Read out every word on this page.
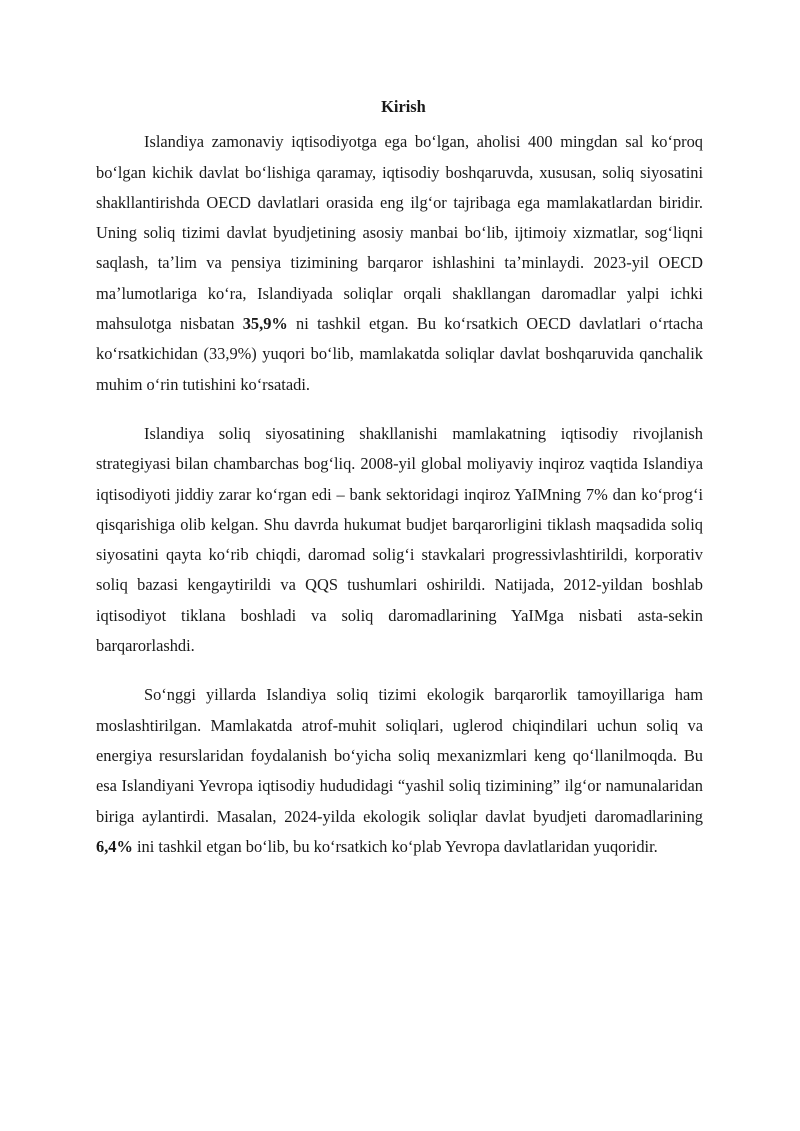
Kirish

Islandiya zamonaviy iqtisodiyotga ega boʻlgan, aholisi 400 mingdan sal koʻproq boʻlgan kichik davlat boʻlishiga qaramay, iqtisodiy boshqaruvda, xususan, soliq siyosatini shakllantirishda OECD davlatlari orasida eng ilgʻor tajribaga ega mamlakatlardan biridir. Uning soliq tizimi davlat byudjetining asosiy manbai boʻlib, ijtimoiy xizmatlar, sogʻliqni saqlash, taʼlim va pensiya tizimining barqaror ishlashini taʼminlaydi. 2023-yil OECD maʼlumotlariga koʻra, Islandiyada soliqlar orqali shakllangan daromadlar yalpi ichki mahsulotga nisbatan 35,9% ni tashkil etgan. Bu koʻrsatkich OECD davlatlari oʻrtacha koʻrsatkichidan (33,9%) yuqori boʻlib, mamlakatda soliqlar davlat boshqaruvida qanchalik muhim oʻrin tutishini koʻrsatadi.

Islandiya soliq siyosatining shakllanishi mamlakatning iqtisodiy rivojlanish strategiyasi bilan chambarchas bogʻliq. 2008-yil global moliyaviy inqiroz vaqtida Islandiya iqtisodiyoti jiddiy zarar koʻrgan edi – bank sektoridagi inqiroz YaIMning 7% dan koʻprogʻi qisqarishiga olib kelgan. Shu davrda hukumat budjet barqarorligini tiklash maqsadida soliq siyosatini qayta koʻrib chiqdi, daromad soligʻi stavkalari progressivlashtirildi, korporativ soliq bazasi kengaytirildi va QQS tushumlari oshirildi. Natijada, 2012-yildan boshlab iqtisodiyot tiklana boshladi va soliq daromadlarining YaIMga nisbati asta-sekin barqarorlashdi.

Soʻnggi yillarda Islandiya soliq tizimi ekologik barqarorlik tamoyillariga ham moslashtirilgan. Mamlakatda atrof-muhit soliqlari, uglerod chiqindilari uchun soliq va energiya resurslaridan foydalanish boʻyicha soliq mexanizmlari keng qoʻllanilmoqda. Bu esa Islandiyani Yevropa iqtisodiy hududidagi “yashil soliq tizimining” ilgʻor namunalaridan biriga aylantirdi. Masalan, 2024-yilda ekologik soliqlar davlat byudjeti daromadlarining 6,4% ini tashkil etgan boʻlib, bu koʻrsatkich koʻplab Yevropa davlatlaridan yuqoridir.
